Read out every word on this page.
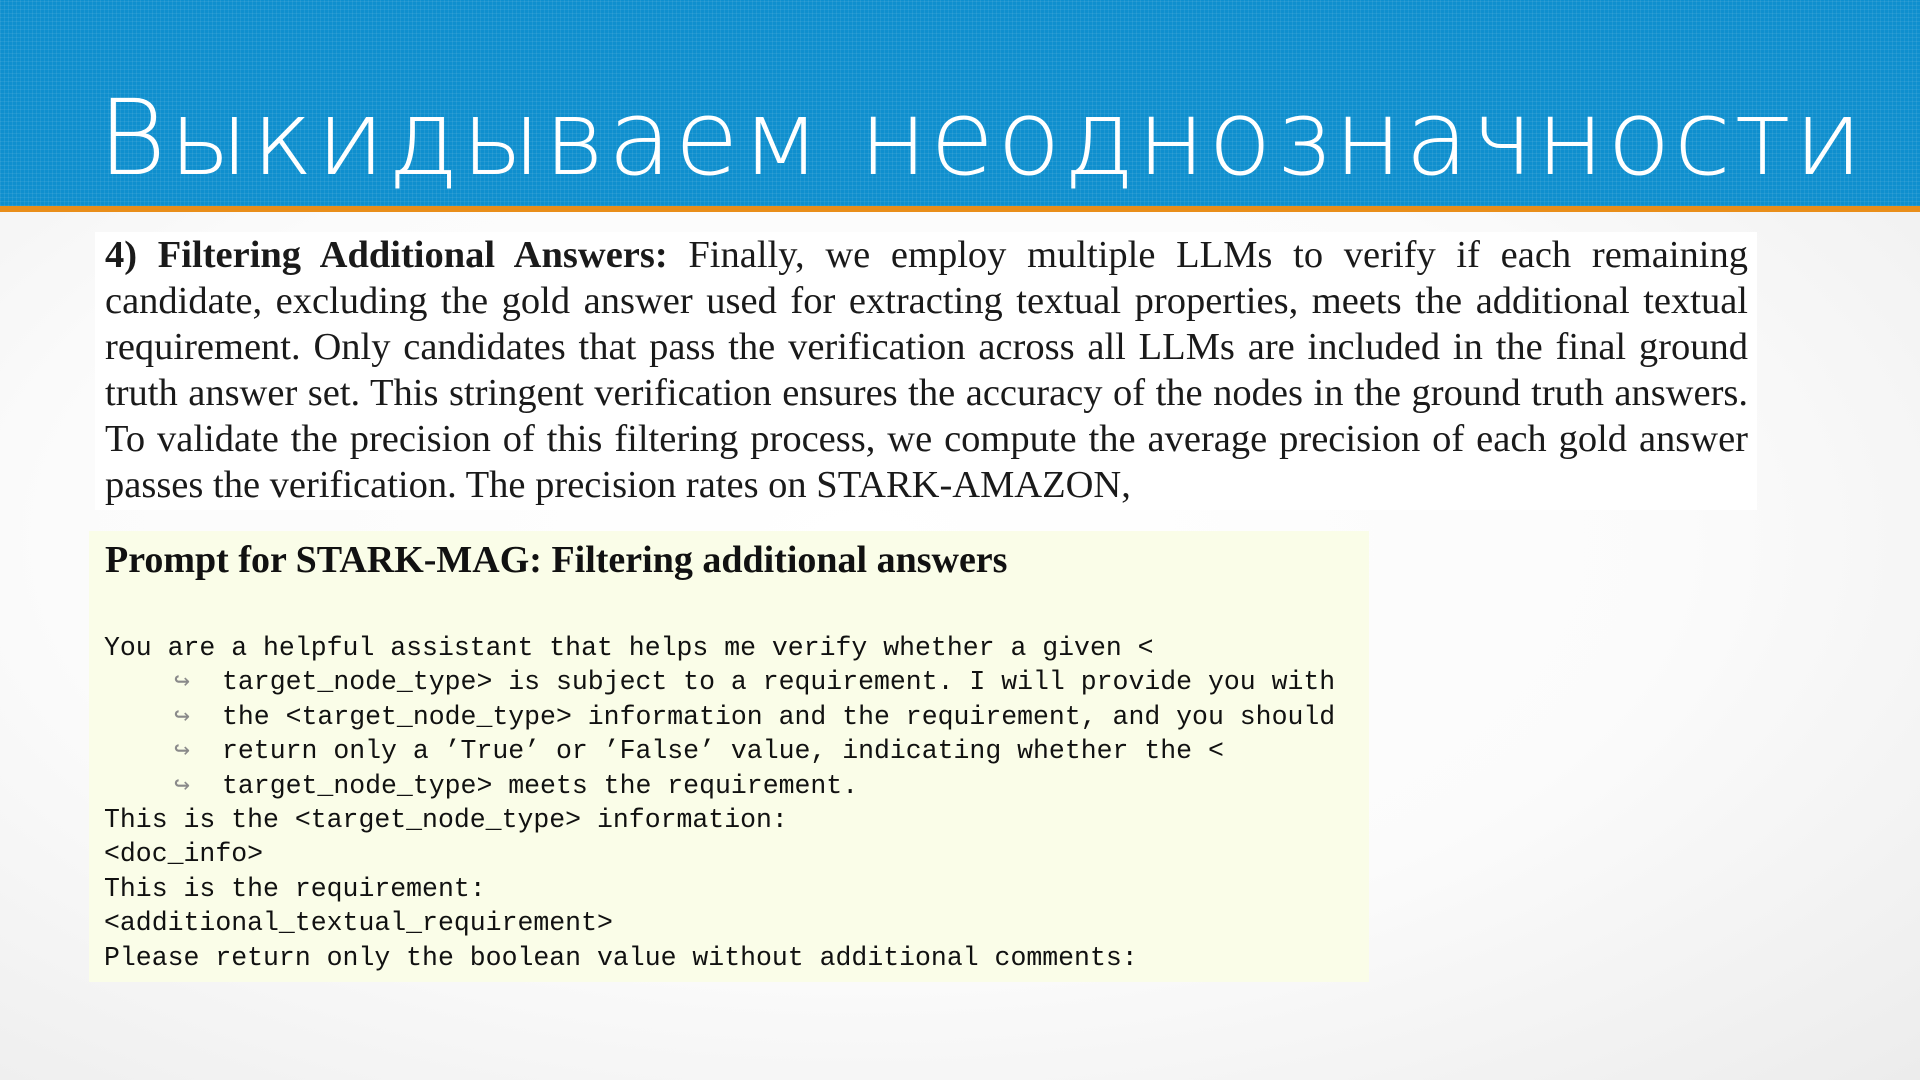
Выкидываем неоднозначности

4) Filtering Additional Answers: Finally, we employ multiple LLMs to verify if each remaining candidate, excluding the gold answer used for extracting textual properties, meets the additional textual requirement. Only candidates that pass the verification across all LLMs are included in the final ground truth answer set. This stringent verification ensures the accuracy of the nodes in the ground truth answers. To validate the precision of this filtering process, we compute the average precision of each gold answer passes the verification. The precision rates on STARK-AMAZON,

Prompt for STARK-MAG: Filtering additional answers
You are a helpful assistant that helps me verify whether a given <
↪ target_node_type> is subject to a requirement. I will provide you with
↪ the <target_node_type> information and the requirement, and you should
↪ return only a ’True’ or ’False’ value, indicating whether the <
↪ target_node_type> meets the requirement.
This is the <target_node_type> information:
<doc_info>
This is the requirement:
<additional_textual_requirement>
Please return only the boolean value without additional comments:
